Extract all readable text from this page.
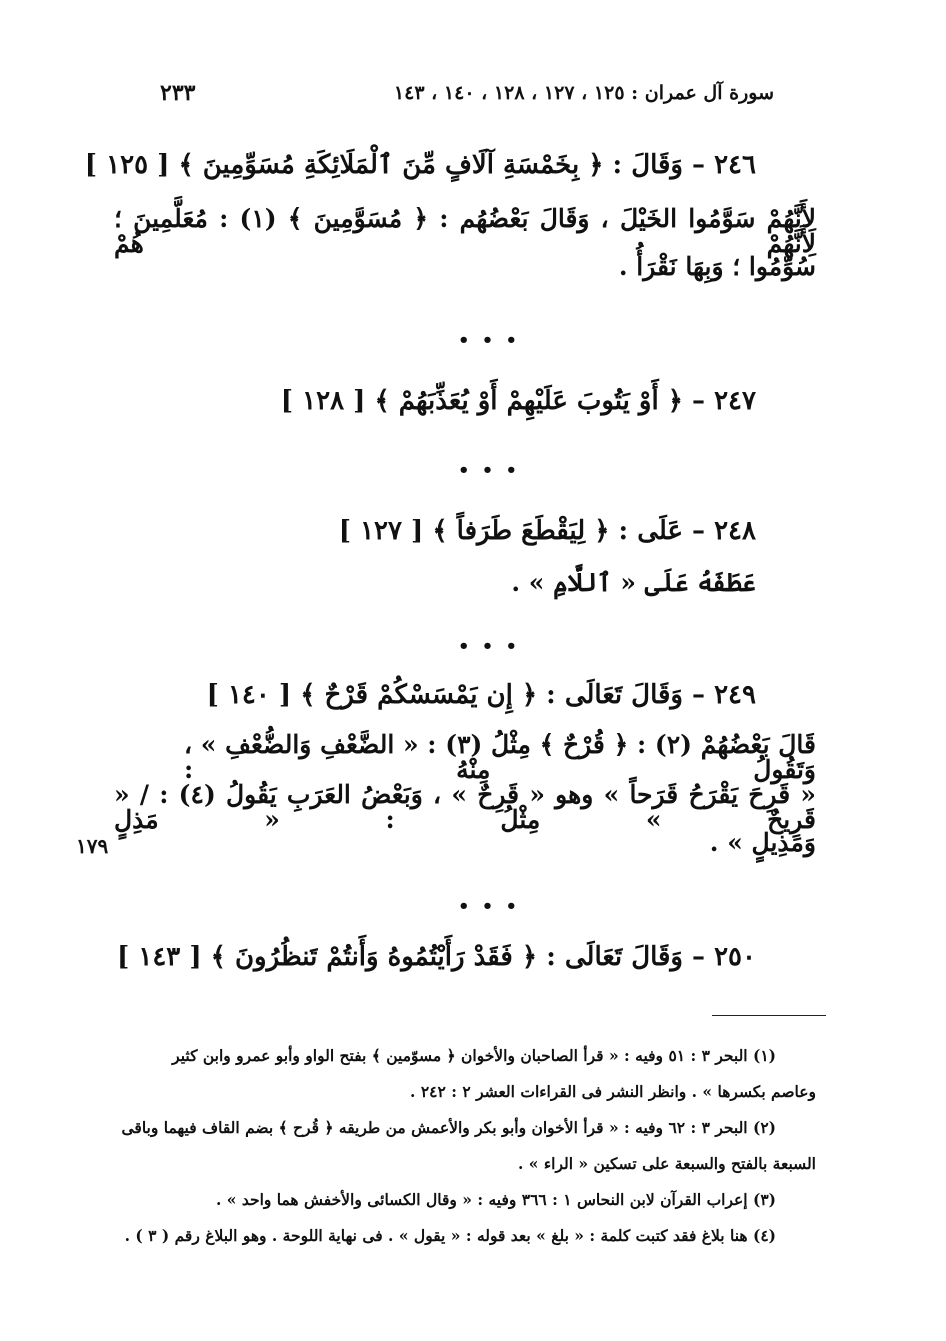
سورة آل عمران : ١٢٥ ، ١٢٧ ، ١٢٨ ، ١٤٠ ، ١٤٣
٢٣٣
٢٤٦ – وَقَالَ : ﴿ بِخَمْسَةِ آلَافٍ مِّنَ ٱلْمَلَائِكَةِ مُسَوِّمِينَ ﴾ [ ١٢٥ ]
لِأَنَّهُمْ سَوَّمُوا الخَيْلَ ، وَقَالَ بَعْضُهُم : ﴿ مُسَوَّمِينَ ﴾ (١) : مُعَلَّمِينَ ؛ لِأَنَّهُمْ هُمْ
سُوِّمُوا ؛ وَبِهَا نَقْرَأُ .
• • •
٢٤٧ – ﴿ أَوْ يَتُوبَ عَلَيْهِمْ أَوْ يُعَذِّبَهُمْ ﴾ [ ١٢٨ ]
• • •
٢٤٨ – عَلَى : ﴿ لِيَقْطَعَ طَرَفاً ﴾ [ ١٢٧ ]
عَطَفَهُ عَلَى « ٱللَّامِ » .
• • •
٢٤٩ – وَقَالَ تَعَالَى : ﴿ إِن يَمْسَسْكُمْ قَرْحٌ ﴾ [ ١٤٠ ]
قَالَ بَعْضُهُمْ (٢) : ﴿ قُرْحٌ ﴾ مِثْلُ (٣) : « الضَّعْفِ وَالضُّعْفِ » ، وَتَقُولُ مِنْهُ :
« قَرِحَ يَقْرَحُ قَرَحاً » وهو « قَرِحٌ » ، وَبَعْضُ العَرَبِ يَقُولُ (٤) : / « قَرِيحٌ » مِثْلُ : « مَذِلٍ
وَمَذِيلٍ » .
١٧٩
• • •
٢٥٠ – وَقَالَ تَعَالَى : ﴿ فَقَدْ رَأَيْتُمُوهُ وَأَنتُمْ تَنظُرُونَ ﴾ [ ١٤٣ ]
(١) البحر ٣ : ٥١ وفيه : « قرأ الصاحبان والأخوان ﴿ مسوّمين ﴾ بفتح الواو وأبو عمرو وابن كثير
وعاصم بكسرها » . وانظر النشر فى القراءات العشر ٢ : ٢٤٢ .
(٢) البحر ٣ : ٦٢ وفيه : « قرأ الأخوان وأبو بكر والأعمش من طريقه ﴿ قُرح ﴾ بضم القاف فيهما وباقى
السبعة بالفتح والسبعة على تسكين « الراء » .
(٣) إعراب القرآن لابن النحاس ١ : ٣٦٦ وفيه : « وقال الكسائى والأخفش هما واحد » .
(٤) هنا بلاغ فقد كتبت كلمة : « بلغ » بعد قوله : « يقول » . فى نهاية اللوحة . وهو البلاغ رقم ( ٣ ) .
